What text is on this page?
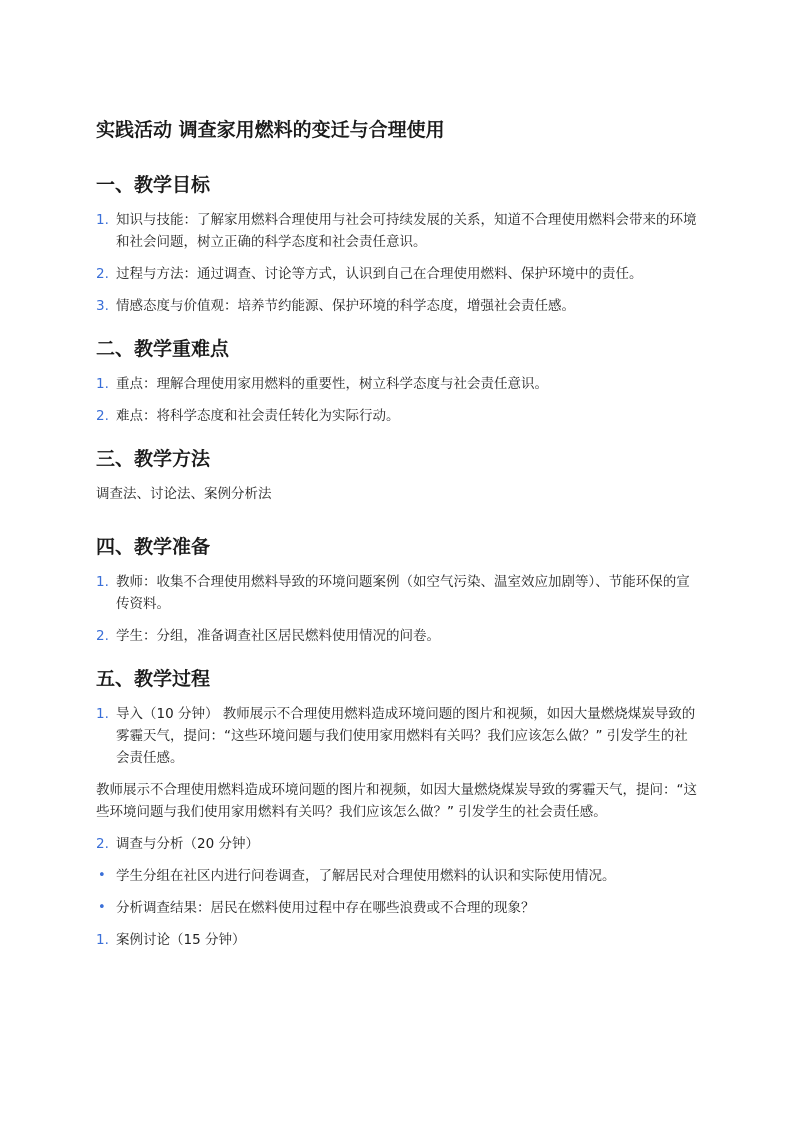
实践活动 调查家用燃料的变迁与合理使用
一、教学目标
1. 知识与技能：了解家用燃料合理使用与社会可持续发展的关系，知道不合理使用燃料会带来的环境和社会问题，树立正确的科学态度和社会责任意识。
2. 过程与方法：通过调查、讨论等方式，认识到自己在合理使用燃料、保护环境中的责任。
3. 情感态度与价值观：培养节约能源、保护环境的科学态度，增强社会责任感。
二、教学重难点
1. 重点：理解合理使用家用燃料的重要性，树立科学态度与社会责任意识。
2. 难点：将科学态度和社会责任转化为实际行动。
三、教学方法

调查法、讨论法、案例分析法

四、教学准备
1. 教师：收集不合理使用燃料导致的环境问题案例（如空气污染、温室效应加剧等）、节能环保的宣传资料。
2. 学生：分组，准备调查社区居民燃料使用情况的问卷。
五、教学过程
1. 导入（10 分钟） 教师展示不合理使用燃料造成环境问题的图片和视频，如因大量燃烧煤炭导致的雾霾天气，提问：“这些环境问题与我们使用家用燃料有关吗？我们应该怎么做？” 引发学生的社会责任感。

教师展示不合理使用燃料造成环境问题的图片和视频，如因大量燃烧煤炭导致的雾霾天气，提问：“这些环境问题与我们使用家用燃料有关吗？我们应该怎么做？” 引发学生的社会责任感。

2. 调查与分析（20 分钟）
• 学生分组在社区内进行问卷调查，了解居民对合理使用燃料的认识和实际使用情况。
• 分析调查结果：居民在燃料使用过程中存在哪些浪费或不合理的现象？
1. 案例讨论（15 分钟）
